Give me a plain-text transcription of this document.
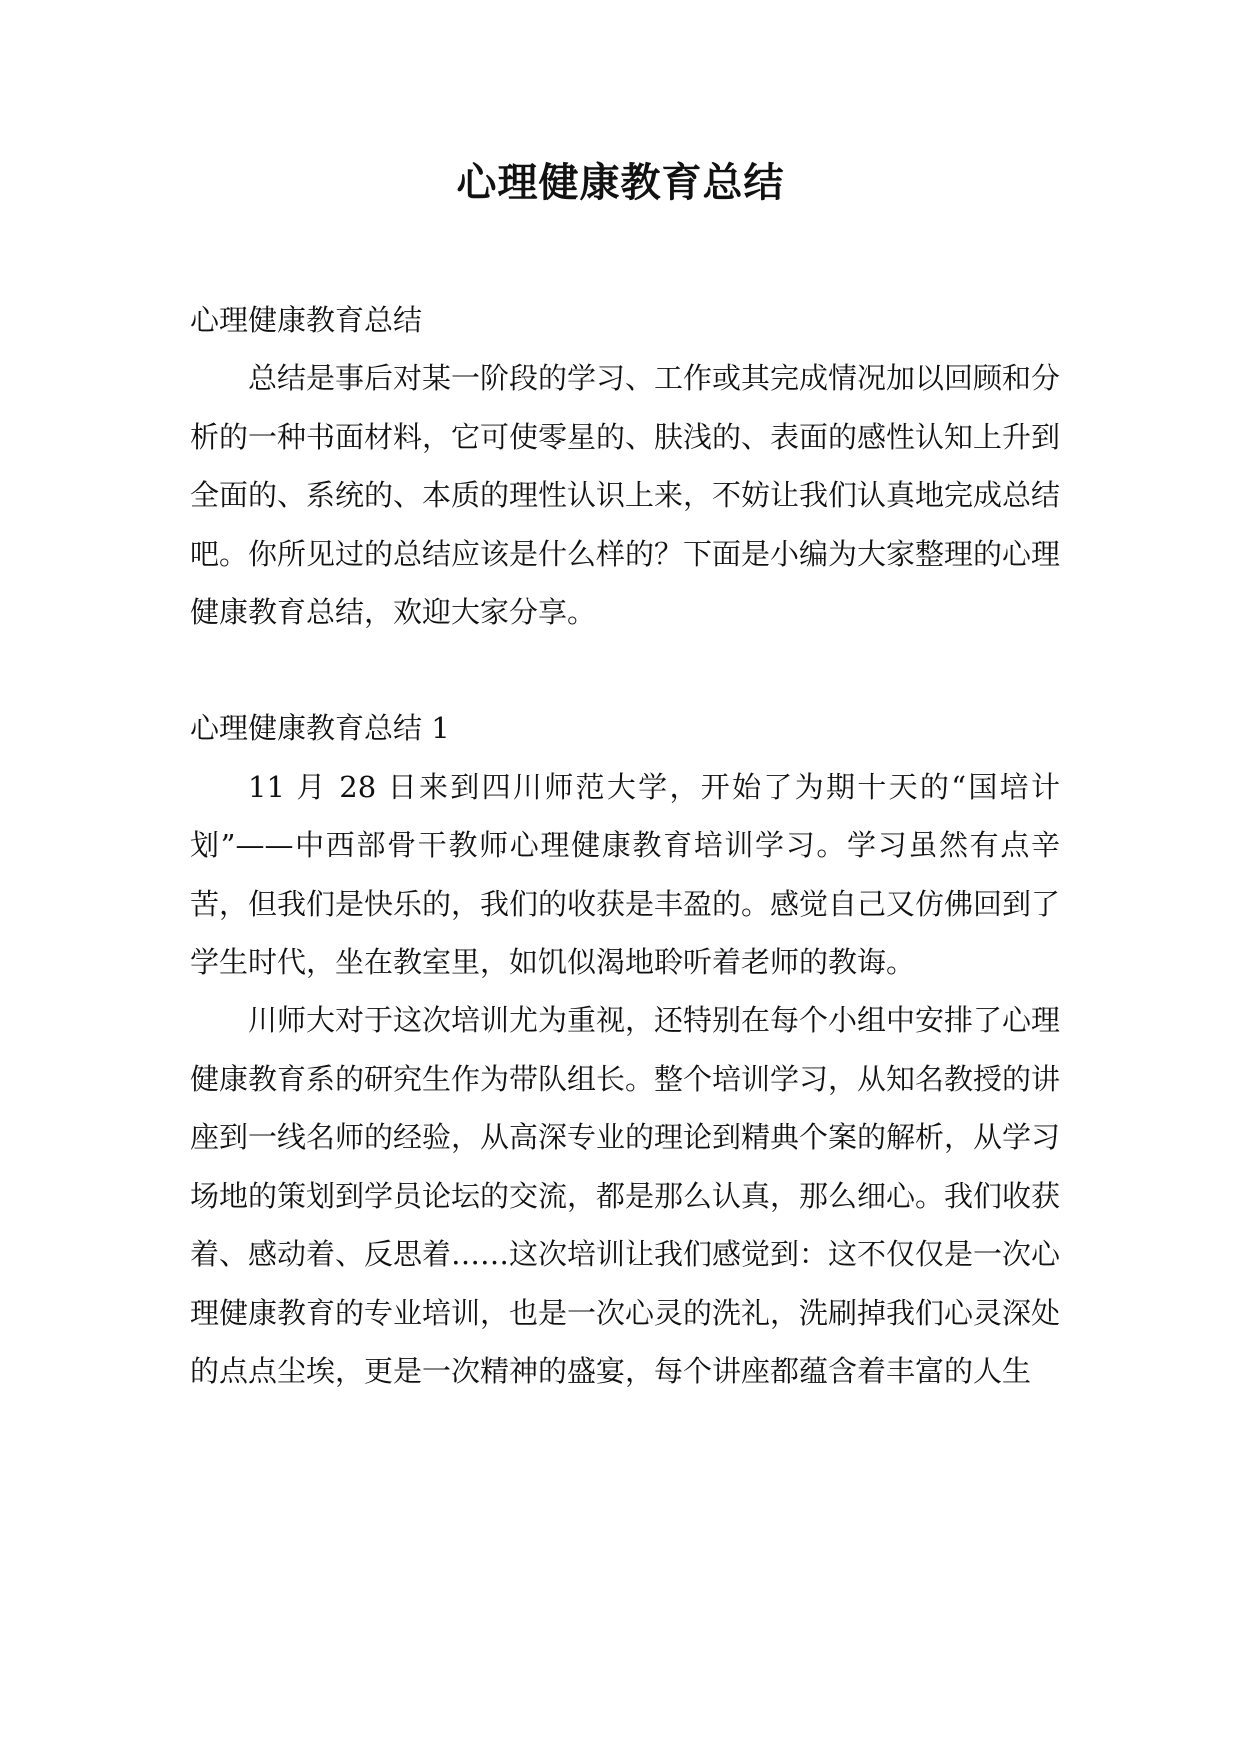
心理健康教育总结

心理健康教育总结

总结是事后对某一阶段的学习、工作或其完成情况加以回顾和分析的一种书面材料，它可使零星的、肤浅的、表面的感性认知上升到全面的、系统的、本质的理性认识上来，不妨让我们认真地完成总结吧。你所见过的总结应该是什么样的？下面是小编为大家整理的心理健康教育总结，欢迎大家分享。

心理健康教育总结 1

11 月 28 日来到四川师范大学，开始了为期十天的“国培计划”——中西部骨干教师心理健康教育培训学习。学习虽然有点辛苦，但我们是快乐的，我们的收获是丰盈的。感觉自己又仿佛回到了学生时代，坐在教室里，如饥似渴地聆听着老师的教诲。

川师大对于这次培训尤为重视，还特别在每个小组中安排了心理健康教育系的研究生作为带队组长。整个培训学习，从知名教授的讲座到一线名师的经验，从高深专业的理论到精典个案的解析，从学习场地的策划到学员论坛的交流，都是那么认真，那么细心。我们收获着、感动着、反思着……这次培训让我们感觉到：这不仅仅是一次心理健康教育的专业培训，也是一次心灵的洗礼，洗刷掉我们心灵深处的点点尘埃，更是一次精神的盛宴，每个讲座都蕴含着丰富的人生
